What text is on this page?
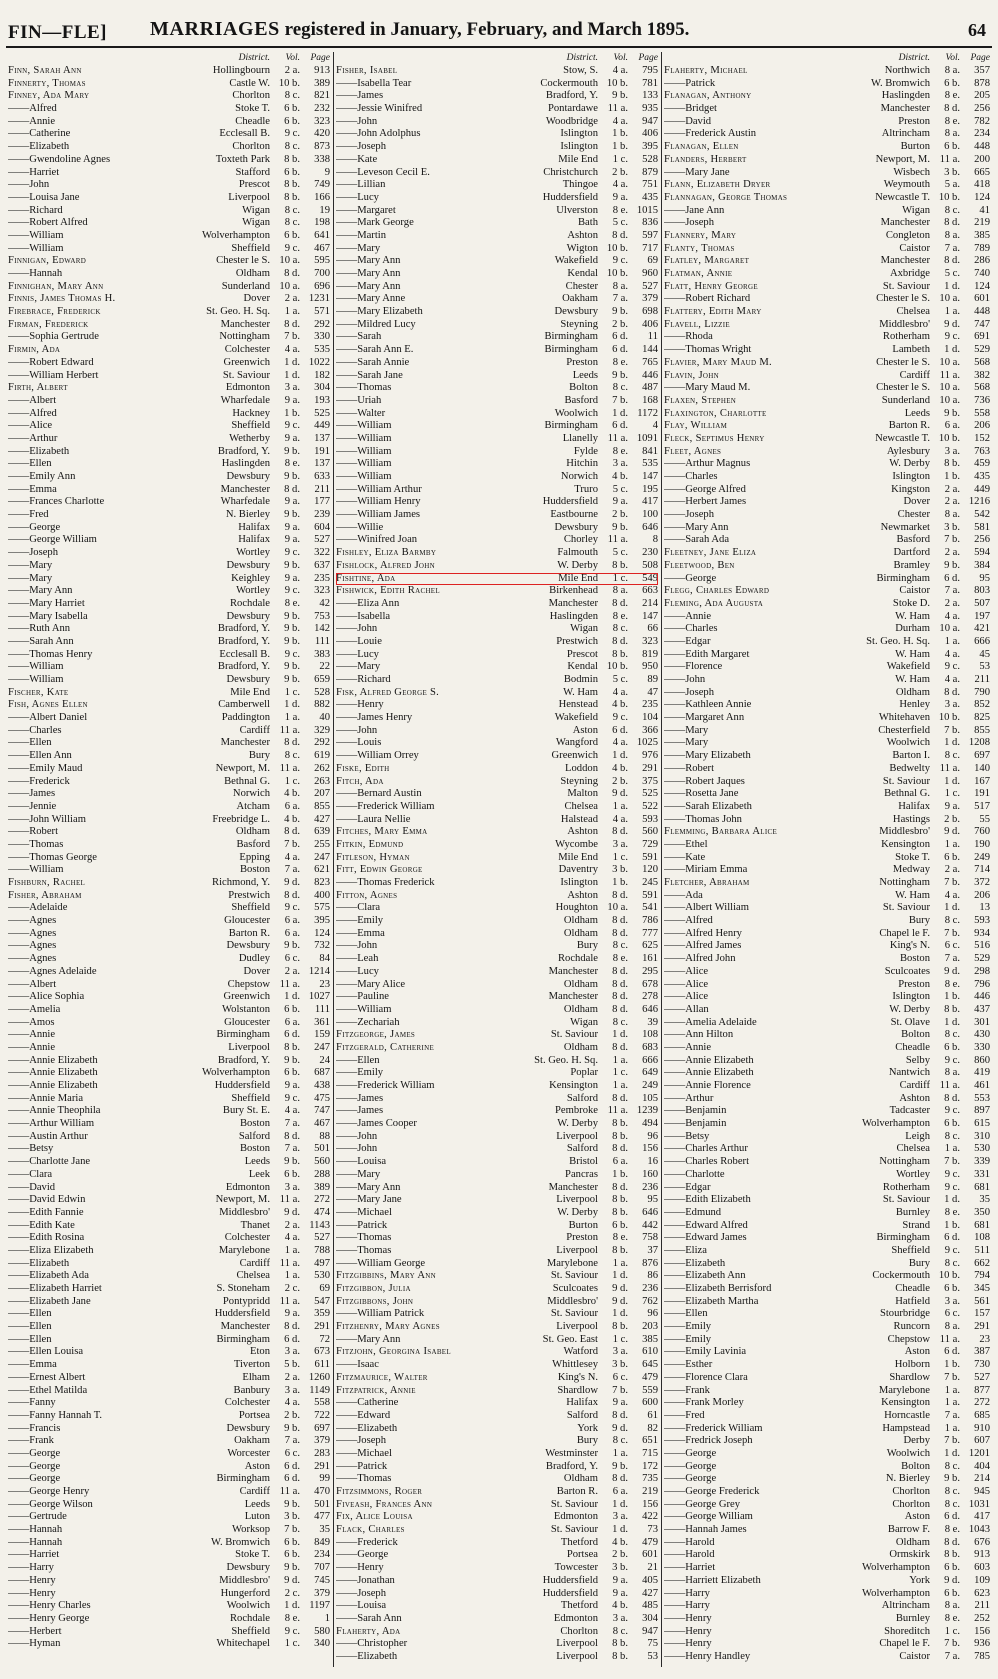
FIN—FLE] MARRIAGES registered in January, February, and March 1895.	64
District.	Vol.	Page
Finn, Sarah Ann	Hollingbourn	2 a.	913
Finnerty, Thomas	Castle W. 10 b.	389
Finney, Ada Mary	Chorlton	8 c.	821
—— Alfred	Stoke T.	6 b.	232
—— Annie	Cheadle	6 b.	323
—— Catherine	Ecclesall B.	9 c.	420
—— Elizabeth	Chorlton	8 c.	873
—— Gwendoline Agnes	Toxteth Park	8 b.	338
—— Harriet	Stafford	6 b.	9
—— John	Prescot	8 b.	749
—— Louisa Jane	Liverpool	8 b.	166
—— Richard	Wigan	8 c.	19
—— Robert Alfred	Wigan	8 c.	198
—— William	Wolverhampton	6 b.	641
—— William	Sheffield	9 c.	467
Finnigan, Edward	Chester le S. 10 a.	595
—— Hannah	Oldham	8 d.	700
Finnighan, Mary Ann	Sunderland 10 a.	696
Finnis, James Thomas H.	Dover	2 a. 1231
Firebrace, Frederick	St. Geo. H. Sq.	1 a.	571
Firman, Frederick	Manchester	8 d.	292
—— Sophia Gertrude	Nottingham	7 b.	330
Firmin, Ada	Colchester	4 a.	535
—— Robert Edward	Greenwich	1 d. 1022
—— William Herbert	St. Saviour	1 d.	182
Firth, Albert	Edmonton	3 a.	304
—— Albert	Wharfedale	9 a.	193
—— Alfred	Hackney	1 b.	525
—— Alice	Sheffield	9 c.	449
—— Arthur	Wetherby	9 a.	137
—— Elizabeth	Bradford, Y.	9 b.	191
—— Ellen	Haslingden	8 e.	137
—— Emily Ann	Dewsbury	9 b.	633
—— Emma	Manchester	8 d.	211
—— Frances Charlotte	Wharfedale	9 a.	177
—— Fred	N. Bierley	9 b.	239
—— George	Halifax	9 a.	604
—— George William	Halifax	9 a.	527
—— Joseph	Wortley	9 c.	322
—— Mary	Dewsbury	9 b.	637
—— Mary	Keighley	9 a.	235
—— Mary Ann	Wortley	9 c.	323
—— Mary Harriet	Rochdale	8 e.	42
—— Mary Isabella	Dewsbury	9 b.	753
—— Ruth Ann	Bradford, Y.	9 b.	142
—— Sarah Ann	Bradford, Y.	9 b.	111
—— Thomas Henry	Ecclesall B.	9 c.	383
—— William	Bradford, Y.	9 b.	22
—— William	Dewsbury	9 b.	659
Fischer, Kate	Mile End	1 c.	528
Fish, Agnes Ellen	Camberwell	1 d.	882
—— Albert Daniel	Paddington	1 a.	40
—— Charles	Cardiff 11 a.	329
—— Ellen	Manchester	8 d.	292
—— Ellen Ann	Bury	8 c.	619
—— Emily Maud	Newport, M. 11 a.	262
—— Frederick	Bethnal G.	1 c.	263
—— James	Norwich	4 b.	207
—— Jennie	Atcham	6 a.	855
—— John William	Freebridge L.	4 b.	427
—— Robert	Oldham	8 d.	639
—— Thomas	Basford	7 b.	255
—— Thomas George	Epping	4 a.	247
—— William	Boston	7 a.	621
Fishburn, Rachel	Richmond, Y.	9 d.	823
Fisher, Abraham	Prestwich	8 d.	400
—— Adelaide	Sheffield	9 c.	575
—— Agnes	Gloucester	6 a.	395
—— Agnes	Barton R.	6 a.	124
—— Agnes	Dewsbury	9 b.	732
—— Agnes	Dudley	6 c.	84
—— Agnes Adelaide	Dover	2 a. 1214
—— Albert	Chepstow 11 a.	23
—— Alice Sophia	Greenwich	1 d. 1027
—— Amelia	Wolstanton	6 b.	111
—— Amos	Gloucester	6 a.	361
—— Annie	Birmingham	6 d.	159
—— Annie	Liverpool	8 b.	247
—— Annie Elizabeth	Bradford, Y.	9 b.	24
—— Annie Elizabeth	Wolverhampton	6 b.	687
—— Annie Elizabeth	Huddersfield	9 a.	438
—— Annie Maria	Sheffield	9 c.	475
—— Annie Theophila	Bury St. E.	4 a.	747
—— Arthur William	Boston	7 a.	467
—— Austin Arthur	Salford	8 d.	88
—— Betsy	Boston	7 a.	501
—— Charlotte Jane	Leeds	9 b.	560
—— Clara	Leek	6 b.	288
—— David	Edmonton	3 a.	389
—— David Edwin	Newport, M. 11 a.	272
—— Edith Fannie	Middlesbro'	9 d.	474
—— Edith Kate	Thanet	2 a. 1143
—— Edith Rosina	Colchester	4 a.	527
—— Eliza Elizabeth	Marylebone	1 a.	788
—— Elizabeth	Cardiff 11 a.	497
—— Elizabeth Ada	Chelsea	1 a.	530
—— Elizabeth Harriet	S. Stoneham	2 c.	69
—— Elizabeth Jane	Pontypridd 11 a.	547
—— Ellen	Huddersfield	9 a.	359
—— Ellen	Manchester	8 d.	291
—— Ellen	Birmingham	6 d.	72
—— Ellen Louisa	Eton	3 a.	673
—— Emma	Tiverton	5 b.	611
—— Ernest Albert	Elham	2 a. 1260
—— Ethel Matilda	Banbury	3 a. 1149
—— Fanny	Colchester	4 a.	558
—— Fanny Hannah T.	Portsea	2 b.	722
—— Francis	Dewsbury	9 b.	697
—— Frank	Oakham	7 a.	379
—— George	Worcester	6 c.	283
—— George	Aston	6 d.	291
—— George	Birmingham	6 d.	99
—— George Henry	Cardiff 11 a.	470
—— George Wilson	Leeds	9 b.	501
—— Gertrude	Luton	3 b.	477
—— Hannah	Worksop	7 b.	35
—— Hannah	W. Bromwich	6 b.	849
—— Harriet	Stoke T.	6 b.	234
—— Harry	Dewsbury	9 b.	707
—— Henry	Middlesbro'	9 d.	745
—— Henry	Hungerford	2 c.	379
—— Henry Charles	Woolwich	1 d. 1197
—— Henry George	Rochdale	8 e.	1
—— Herbert	Sheffield	9 c.	580
—— Hyman	Whitechapel	1 c.	340
District.	Vol.	Page
Fisher, Isabel	Stow, S.	4 a.	795
—— Isabella Tear	Cockermouth 10 b.	781
—— James	Bradford, Y.	9 b.	133
—— Jessie Winifred	Pontardawe 11 a.	935
—— John	Woodbridge	4 a.	947
—— John Adolphus	Islington	1 b.	406
—— Joseph	Islington	1 b.	395
—— Kate	Mile End	1 c.	528
—— Leveson Cecil E.	Christchurch	2 b.	879
—— Lillian	Thingoe	4 a.	751
—— Lucy	Huddersfield	9 a.	435
—— Margaret	Ulverston	8 e. 1015
—— Mark George	Bath	5 c.	836
—— Martin	Ashton	8 d.	597
—— Mary	Wigton 10 b.	717
—— Mary Ann	Wakefield	9 c.	69
—— Mary Ann	Kendal 10 b.	960
—— Mary Ann	Chester	8 a.	527
—— Mary Anne	Oakham	7 a.	379
—— Mary Elizabeth	Dewsbury	9 b.	698
—— Mildred Lucy	Steyning	2 b.	406
—— Sarah	Birmingham	6 d.	11
—— Sarah Ann E.	Birmingham	6 d.	144
—— Sarah Annie	Preston	8 e.	765
—— Sarah Jane	Leeds	9 b.	446
—— Thomas	Bolton	8 c.	487
—— Uriah	Basford	7 b.	168
—— Walter	Woolwich	1 d. 1172
—— William	Birmingham	6 d.	4
—— William	Llanelly 11 a. 1091
—— William	Fylde	8 e.	841
—— William	Hitchin	3 a.	535
—— William	Norwich	4 b.	147
—— William Arthur	Truro	5 c.	195
—— William Henry	Huddersfield	9 a.	417
—— William James	Eastbourne	2 b.	100
—— Willie	Dewsbury	9 b.	646
—— Winifred Joan	Chorley 11 a.	8
Fishley, Eliza Barmby	Falmouth	5 c.	230
Fishlock, Alfred John	W. Derby	8 b.	508
Fishtine, Ada	Mile End	1 c.	549
Fishwick, Edith Rachel	Birkenhead	8 a.	663
—— Eliza Ann	Manchester	8 d.	214
—— Isabella	Haslingden	8 e.	147
—— John	Wigan	8 c.	66
—— Louie	Prestwich	8 d.	323
—— Lucy	Prescot	8 b.	819
—— Mary	Kendal 10 b.	950
—— Richard	Bodmin	5 c.	89
Fisk, Alfred George S.	W. Ham	4 a.	47
—— Henry	Henstead	4 b.	235
—— James Henry	Wakefield	9 c.	104
—— John	Aston	6 d.	366
—— Louis	Wangford	4 a. 1025
—— William Orrey	Greenwich	1 d.	976
Fiske, Edith	Loddon	4 b.	291
Fitch, Ada	Steyning	2 b.	375
—— Bernard Austin	Malton	9 d.	525
—— Frederick William	Chelsea	1 a.	522
—— Laura Nellie	Halstead	4 a.	593
Fitches, Mary Emma	Ashton	8 d.	560
Fitkin, Edmund	Wycombe	3 a.	729
Fitleson, Hyman	Mile End	1 c.	591
Fitt, Edwin George	Daventry	3 b.	120
—— Thomas Frederick	Islington	1 b.	245
Fitton, Agnes	Ashton	8 d.	591
—— Clara	Houghton 10 a.	541
—— Emily	Oldham	8 d.	786
—— Emma	Oldham	8 d.	777
—— John	Bury	8 c.	625
—— Leah	Rochdale	8 e.	161
—— Lucy	Manchester	8 d.	295
—— Mary Alice	Oldham	8 d.	678
—— Pauline	Manchester	8 d.	278
—— William	Oldham	8 d.	646
—— Zechariah	Wigan	8 c.	39
Fitzgeorge, James	St. Saviour	1 d.	108
Fitzgerald, Catherine	Oldham	8 d.	683
—— Ellen	St. Geo. H. Sq.	1 a.	666
—— Emily	Poplar	1 c.	649
—— Frederick William	Kensington	1 a.	249
—— James	Salford	8 d.	105
—— James	Pembroke 11 a. 1239
—— James Cooper	W. Derby	8 b.	494
—— John	Liverpool	8 b.	96
—— John	Salford	8 d.	156
—— Louisa	Bristol	6 a.	16
—— Mary	Pancras	1 b.	160
—— Mary Ann	Manchester	8 d.	236
—— Mary Jane	Liverpool	8 b.	95
—— Michael	W. Derby	8 b.	646
—— Patrick	Burton	6 b.	442
—— Thomas	Preston	8 e.	758
—— Thomas	Liverpool	8 b.	37
—— William George	Marylebone	1 a.	876
Fitzgibbins, Mary Ann	St. Saviour	1 d.	86
Fitzgibbon, Julia	Sculcoates	9 d.	236
Fitzgibbons, John	Middlesbro'	9 d.	762
—— William Patrick	St. Saviour	1 d.	96
Fitzhenry, Mary Agnes	Liverpool	8 b.	203
—— Mary Ann	St. Geo. East	1 c.	385
Fitzjohn, Georgina Isabel	Watford	3 a.	610
—— Isaac	Whittlesey	3 b.	645
Fitzmaurice, Walter	King's N.	6 c.	479
Fitzpatrick, Annie	Shardlow	7 b.	559
—— Catherine	Halifax	9 a.	600
—— Edward	Salford	8 d.	61
—— Elizabeth	York	9 d.	82
—— Joseph	Bury	8 c.	651
—— Michael	Westminster	1 a.	715
—— Patrick	Bradford, Y.	9 b.	172
—— Thomas	Oldham	8 d.	735
Fitzsimmons, Roger	Barton R.	6 a.	219
Fiveash, Frances Ann	St. Saviour	1 d.	156
Fix, Alice Louisa	Edmonton	3 a.	422
Flack, Charles	St. Saviour	1 d.	73
—— Frederick	Thetford	4 b.	479
—— George	Portsea	2 b.	601
—— Henry	Towcester	3 b.	21
—— Jonathan	Huddersfield	9 a.	405
—— Joseph	Huddersfield	9 a.	427
—— Louisa	Thetford	4 b.	485
—— Sarah Ann	Edmonton	3 a.	304
Flaherty, Ada	Chorlton	8 c.	947
—— Christopher	Liverpool	8 b.	75
—— Elizabeth	Liverpool	8 b.	53
District.	Vol.	Page
Flaherty, Michael	Northwich	8 a.	357
—— Patrick	W. Bromwich	6 b.	878
Flanagan, Anthony	Haslingden	8 e.	205
—— Bridget	Manchester	8 d.	256
—— David	Preston	8 e.	782
—— Frederick Austin	Altrincham	8 a.	234
Flanagan, Ellen	Burton	6 b.	448
Flanders, Herbert	Newport, M. 11 a.	200
—— Mary Jane	Wisbech	3 b.	665
Flann, Elizabeth Dryer	Weymouth	5 a.	418
Flannagan, George Thomas	Newcastle T. 10 b.	124
—— Jane Ann	Wigan	8 c.	41
—— Joseph	Manchester	8 d.	219
Flannery, Mary	Congleton	8 a.	385
Flanty, Thomas	Caistor	7 a.	789
Flatley, Margaret	Manchester	8 d.	286
Flatman, Annie	Axbridge	5 c.	740
Flatt, Henry George	St. Saviour	1 d.	124
—— Robert Richard	Chester le S. 10 a.	601
Flattery, Edith Mary	Chelsea	1 a.	448
Flavell, Lizzie	Middlesbro'	9 d.	747
—— Rhoda	Rotherham	9 c.	691
—— Thomas Wright	Lambeth	1 d.	529
Flavier, Mary Maud M.	Chester le S. 10 a.	568
Flavin, John	Cardiff 11 a.	382
—— Mary Maud M.	Chester le S. 10 a.	568
Flaxen, Stephen	Sunderland 10 a.	736
Flaxington, Charlotte	Leeds	9 b.	558
Flay, William	Barton R.	6 a.	206
Fleck, Septimus Henry	Newcastle T. 10 b.	152
Fleet, Agnes	Aylesbury	3 a.	763
—— Arthur Magnus	W. Derby	8 b.	459
—— Charles	Islington	1 b.	435
—— George Alfred	Kingston	2 a.	449
—— Herbert James	Dover	2 a. 1216
—— Joseph	Chester	8 a.	542
—— Mary Ann	Newmarket	3 b.	581
—— Sarah Ada	Basford	7 b.	256
Fleetney, Jane Eliza	Dartford	2 a.	594
Fleetwood, Ben	Bramley	9 b.	384
—— George	Birmingham	6 d.	95
Flegg, Charles Edward	Caistor	7 a.	803
Fleming, Ada Augusta	Stoke D.	2 a.	507
—— Annie	W. Ham	4 a.	197
—— Charles	Durham 10 a.	421
—— Edgar	St. Geo. H. Sq.	1 a.	666
—— Edith Margaret	W. Ham	4 a.	45
—— Florence	Wakefield	9 c.	53
—— John	W. Ham	4 a.	211
—— Joseph	Oldham	8 d.	790
—— Kathleen Annie	Henley	3 a.	852
—— Margaret Ann	Whitehaven 10 b.	825
—— Mary	Chesterfield	7 b.	855
—— Mary	Woolwich	1 d. 1208
—— Mary Elizabeth	Barton I.	8 c.	697
—— Robert	Bedwelty 11 a.	140
—— Robert Jaques	St. Saviour	1 d.	167
—— Rosetta Jane	Bethnal G.	1 c.	191
—— Sarah Elizabeth	Halifax	9 a.	517
—— Thomas John	Hastings	2 b.	55
Flemming, Barbara Alice	Middlesbro'	9 d.	760
—— Ethel	Kensington	1 a.	190
—— Kate	Stoke T.	6 b.	249
—— Miriam Emma	Medway	2 a.	714
Fletcher, Abraham	Nottingham	7 b.	372
—— Ada	W. Ham	4 a.	206
—— Albert William	St. Saviour	1 d.	13
—— Alfred	Bury	8 c.	593
—— Alfred Henry	Chapel le F.	7 b.	934
—— Alfred James	King's N.	6 c.	516
—— Alfred John	Boston	7 a.	529
—— Alice	Sculcoates	9 d.	298
—— Alice	Preston	8 e.	796
—— Alice	Islington	1 b.	446
—— Allan	W. Derby	8 b.	437
—— Amelia Adelaide	St. Olave	1 d.	301
—— Ann Hilton	Bolton	8 c.	430
—— Annie	Cheadle	6 b.	330
—— Annie Elizabeth	Selby	9 c.	860
—— Annie Elizabeth	Nantwich	8 a.	419
—— Annie Florence	Cardiff 11 a.	461
—— Arthur	Ashton	8 d.	553
—— Benjamin	Tadcaster	9 c.	897
—— Benjamin	Wolverhampton	6 b.	615
—— Betsy	Leigh	8 c.	310
—— Charles Arthur	Chelsea	1 a.	530
—— Charles Robert	Nottingham	7 b.	339
—— Charlotte	Wortley	9 c.	331
—— Edgar	Rotherham	9 c.	681
—— Edith Elizabeth	St. Saviour	1 d.	35
—— Edmund	Burnley	8 e.	350
—— Edward Alfred	Strand	1 b.	681
—— Edward James	Birmingham	6 d.	108
—— Eliza	Sheffield	9 c.	511
—— Elizabeth	Bury	8 c.	662
—— Elizabeth Ann	Cockermouth 10 b.	794
—— Elizabeth Berrisford	Cheadle	6 b.	345
—— Elizabeth Martha	Hatfield	3 a.	561
—— Ellen	Stourbridge	6 c.	157
—— Emily	Runcorn	8 a.	291
—— Emily	Chepstow 11 a.	23
—— Emily Lavinia	Aston	6 d.	387
—— Esther	Holborn	1 b.	730
—— Florence Clara	Shardlow	7 b.	527
—— Frank	Marylebone	1 a.	877
—— Frank Morley	Kensington	1 a.	272
—— Fred	Horncastle	7 a.	685
—— Frederick William	Hampstead	1 a.	910
—— Fredrick Joseph	Derby	7 b.	607
—— George	Woolwich	1 d. 1201
—— George	Bolton	8 c.	404
—— George	N. Bierley	9 b.	214
—— George Frederick	Chorlton	8 c.	945
—— George Grey	Chorlton	8 c. 1031
—— George William	Aston	6 d.	417
—— Hannah James	Barrow F.	8 e. 1043
—— Harold	Oldham	8 d.	676
—— Harold	Ormskirk	8 b.	913
—— Harriet	Wolverhampton	6 b.	603
—— Harriett Elizabeth	York	9 d.	109
—— Harry	Wolverhampton	6 b.	623
—— Harry	Altrincham	8 a.	211
—— Henry	Burnley	8 e.	252
—— Henry	Shoreditch	1 c.	156
—— Henry	Chapel le F.	7 b.	936
—— Henry Handley	Caistor	7 a.	785
